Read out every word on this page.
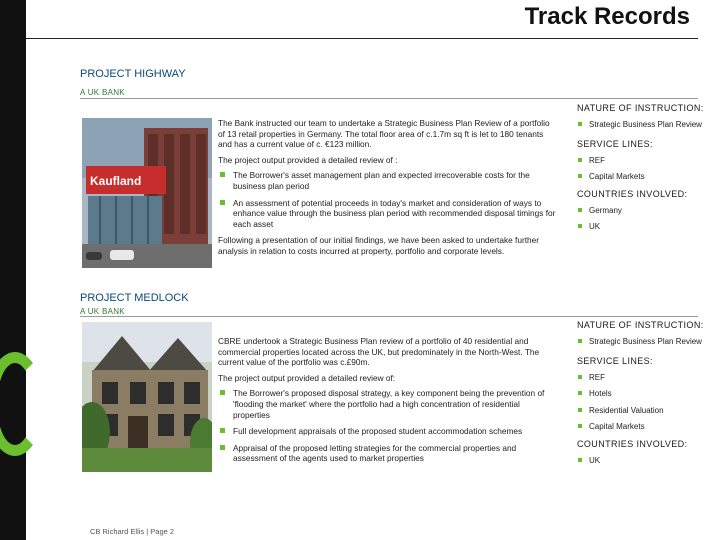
Track Records
PROJECT HIGHWAY
A UK BANK
Kaufland

The Bank instructed our team to undertake a Strategic Business Plan Review of a portfolio of 13 retail properties in Germany. The total floor area of c.1.7m sq ft is let to 180 tenants and has a current value of c. €123 million.

The project output provided a detailed review of :

The Borrower's asset management plan and expected irrecoverable costs for the business plan period
An assessment of potential proceeds in today's market and consideration of ways to enhance value through the business plan period with recommended disposal timings for each asset

Following a presentation of our initial findings, we have been asked to undertake further analysis in relation to costs incurred at property, portfolio and corporate levels.

NATURE OF INSTRUCTION:
Strategic Business Plan Review
SERVICE LINES:
REF
Capital Markets
COUNTRIES INVOLVED:
Germany
UK
PROJECT MEDLOCK
A UK BANK

CBRE undertook a Strategic Business Plan review of a portfolio of 40 residential and commercial properties located across the UK, but predominately in the North-West. The current value of the portfolio was c.£90m.

The project output provided a detailed review of:

The Borrower's proposed disposal strategy, a key component being the prevention of 'flooding the market' where the portfolio had a high concentration of residential properties
Full development appraisals of the proposed student accommodation schemes
Appraisal of the proposed letting strategies for the commercial properties and assessment of the agents used to market properties
NATURE OF INSTRUCTION:
Strategic Business Plan Review
SERVICE LINES:
REF
Hotels
Residential Valuation
Capital Markets
COUNTRIES INVOLVED:
UK
CB Richard Ellis | Page 2
